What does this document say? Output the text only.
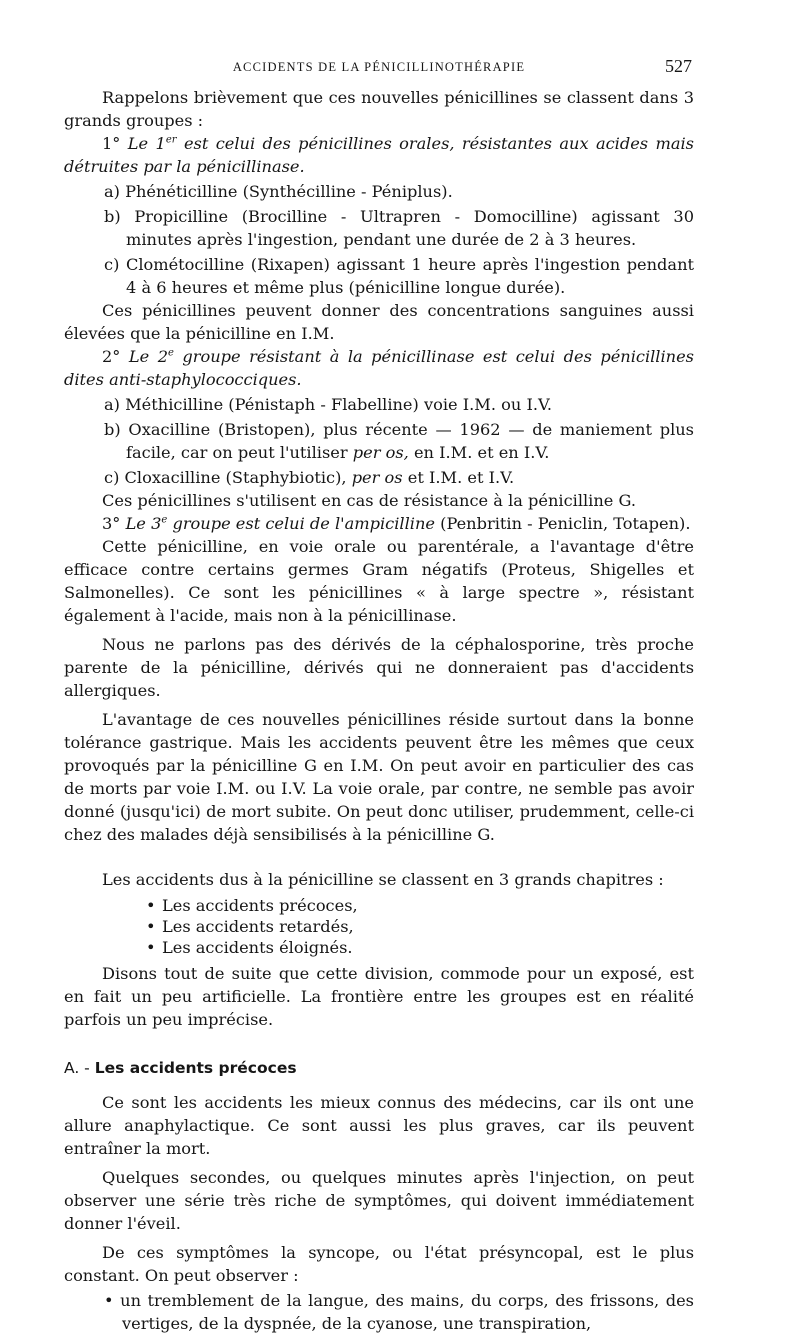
ACCIDENTS DE LA PÉNICILLINOTHÉRAPIE	527

Rappelons brièvement que ces nouvelles pénicillines se classent dans 3 grands groupes :

1° Le 1er est celui des pénicillines orales, résistantes aux acides mais détruites par la pénicillinase.

a) Phénéticilline (Synthécilline - Péniplus).

b) Propicilline (Brocilline - Ultrapren - Domocilline) agissant 30 minutes après l'ingestion, pendant une durée de 2 à 3 heures.

c) Clométocilline (Rixapen) agissant 1 heure après l'ingestion pendant 4 à 6 heures et même plus (pénicilline longue durée).

Ces pénicillines peuvent donner des concentrations sanguines aussi élevées que la pénicilline en I.M.

2° Le 2e groupe résistant à la pénicillinase est celui des pénicillines dites anti-staphylococciques.

a) Méthicilline (Pénistaph - Flabelline) voie I.M. ou I.V.

b) Oxacilline (Bristopen), plus récente — 1962 — de maniement plus facile, car on peut l'utiliser per os, en I.M. et en I.V.

c) Cloxacilline (Staphybiotic), per os et I.M. et I.V.

Ces pénicillines s'utilisent en cas de résistance à la pénicilline G.

3° Le 3e groupe est celui de l'ampicilline (Penbritin - Peniclin, Totapen).

Cette pénicilline, en voie orale ou parentérale, a l'avantage d'être efficace contre certains germes Gram négatifs (Proteus, Shigelles et Salmonelles). Ce sont les pénicillines « à large spectre », résistant également à l'acide, mais non à la pénicillinase.

Nous ne parlons pas des dérivés de la céphalosporine, très proche parente de la pénicilline, dérivés qui ne donneraient pas d'accidents allergiques.

L'avantage de ces nouvelles pénicillines réside surtout dans la bonne tolérance gastrique. Mais les accidents peuvent être les mêmes que ceux provoqués par la pénicilline G en I.M. On peut avoir en particulier des cas de morts par voie I.M. ou I.V. La voie orale, par contre, ne semble pas avoir donné (jusqu'ici) de mort subite. On peut donc utiliser, prudemment, celle-ci chez des malades déjà sensibilisés à la pénicilline G.

Les accidents dus à la pénicilline se classent en 3 grands chapitres :

• Les accidents précoces,
• Les accidents retardés,
• Les accidents éloignés.

Disons tout de suite que cette division, commode pour un exposé, est en fait un peu artificielle. La frontière entre les groupes est en réalité parfois un peu imprécise.

A. - Les accidents précoces

Ce sont les accidents les mieux connus des médecins, car ils ont une allure anaphylactique. Ce sont aussi les plus graves, car ils peuvent entraîner la mort.

Quelques secondes, ou quelques minutes après l'injection, on peut observer une série très riche de symptômes, qui doivent immédiatement donner l'éveil.

De ces symptômes la syncope, ou l'état présyncopal, est le plus constant. On peut observer :

• un tremblement de la langue, des mains, du corps, des frissons, des vertiges, de la dyspnée, de la cyanose, une transpiration,
